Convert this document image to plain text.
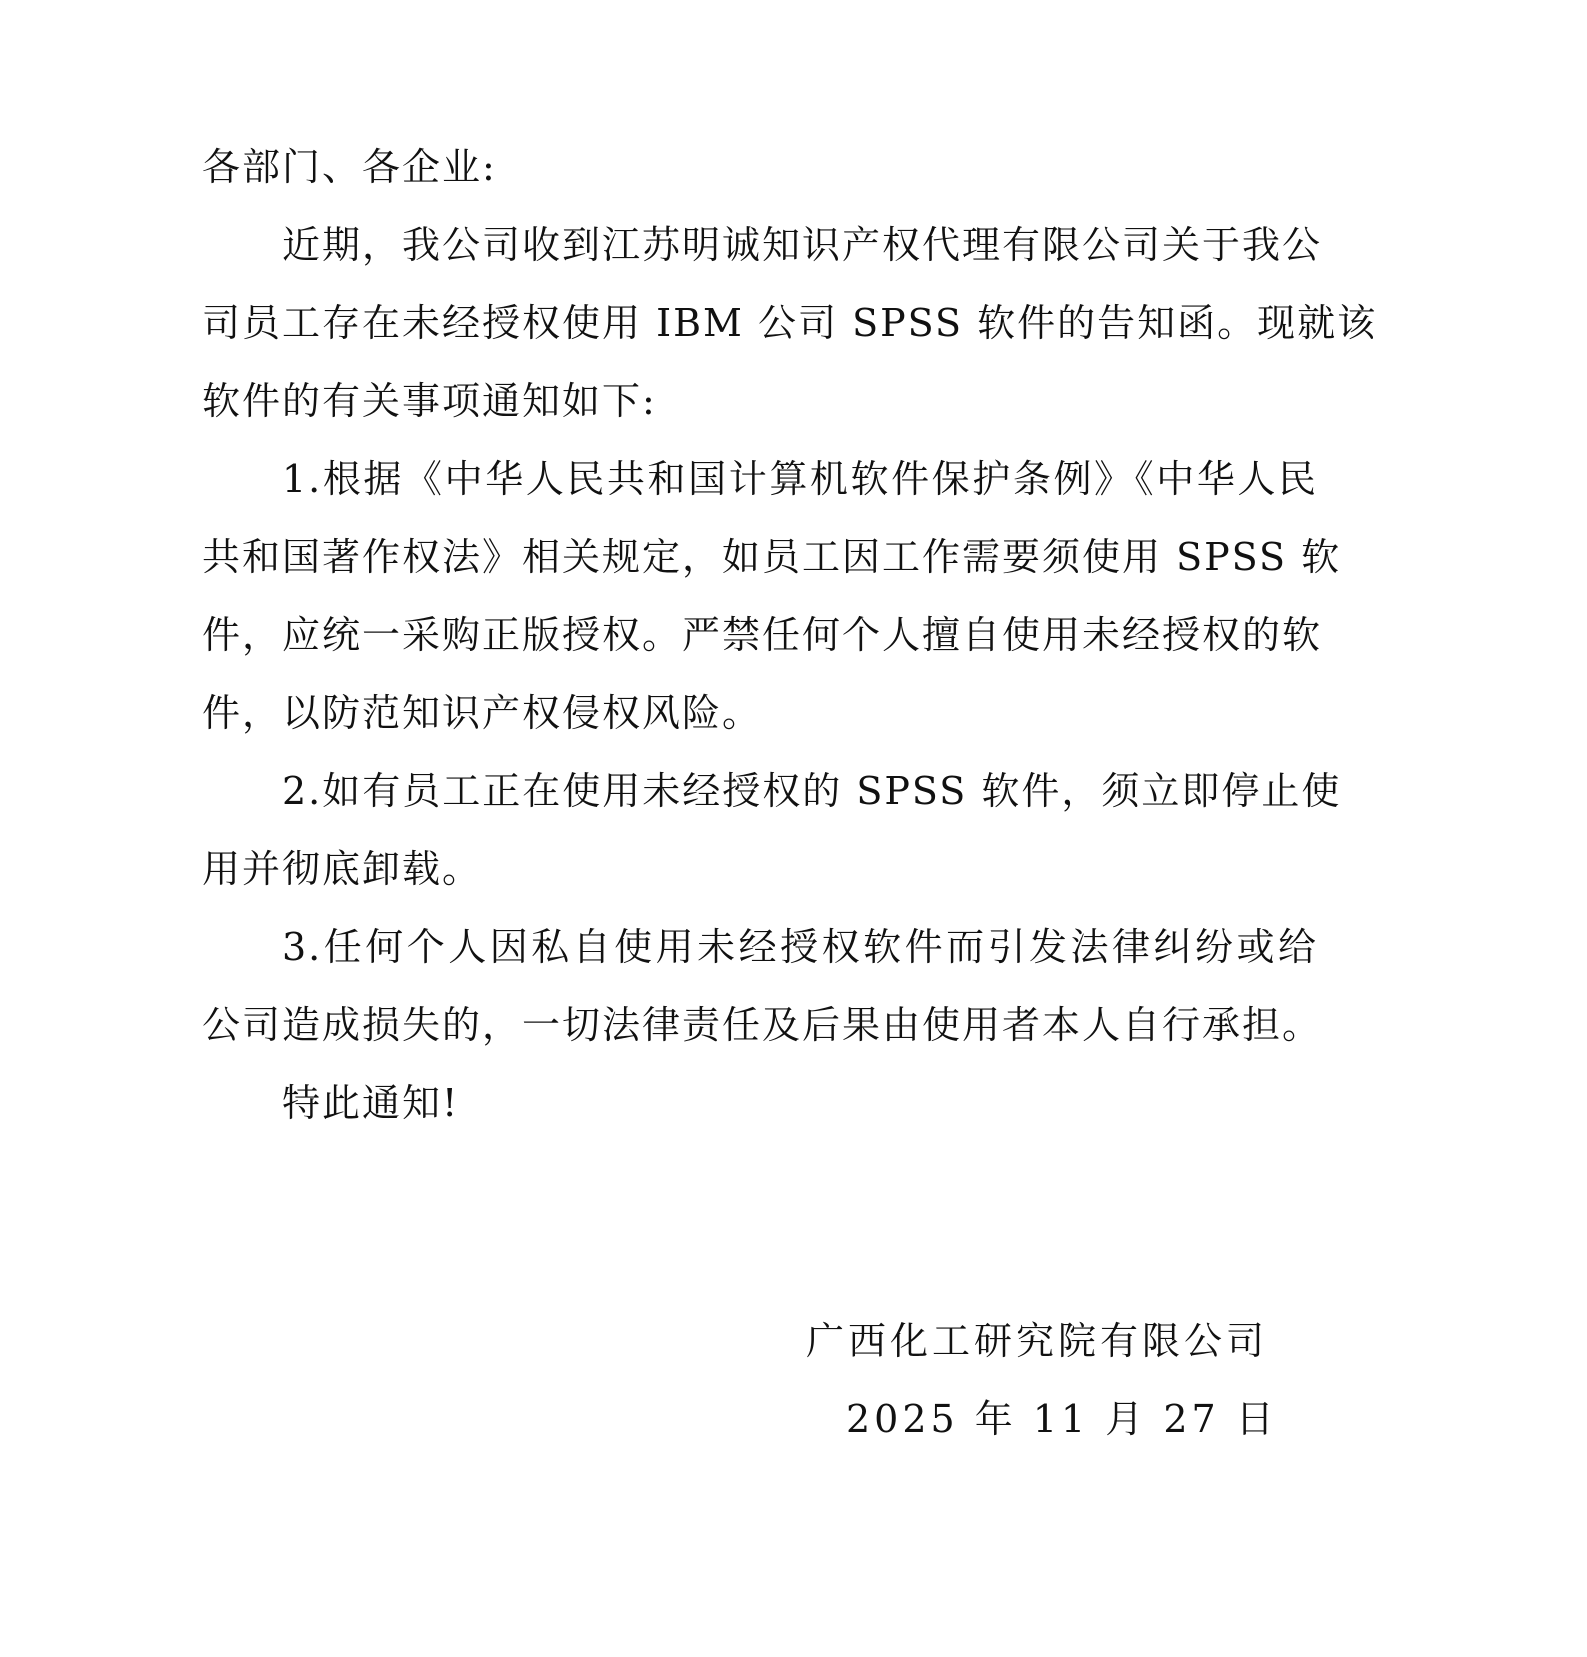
各部门、各企业:
近期，我公司收到江苏明诚知识产权代理有限公司关于我公
司员工存在未经授权使用 IBM 公司 SPSS 软件的告知函。现就该
软件的有关事项通知如下:
1.根据《中华人民共和国计算机软件保护条例》《中华人民
共和国著作权法》相关规定，如员工因工作需要须使用 SPSS 软
件，应统一采购正版授权。严禁任何个人擅自使用未经授权的软
件，以防范知识产权侵权风险。
2.如有员工正在使用未经授权的 SPSS 软件，须立即停止使
用并彻底卸载。
3.任何个人因私自使用未经授权软件而引发法律纠纷或给
公司造成损失的，一切法律责任及后果由使用者本人自行承担。
特此通知!
广西化工研究院有限公司
2025 年 11 月 27 日
